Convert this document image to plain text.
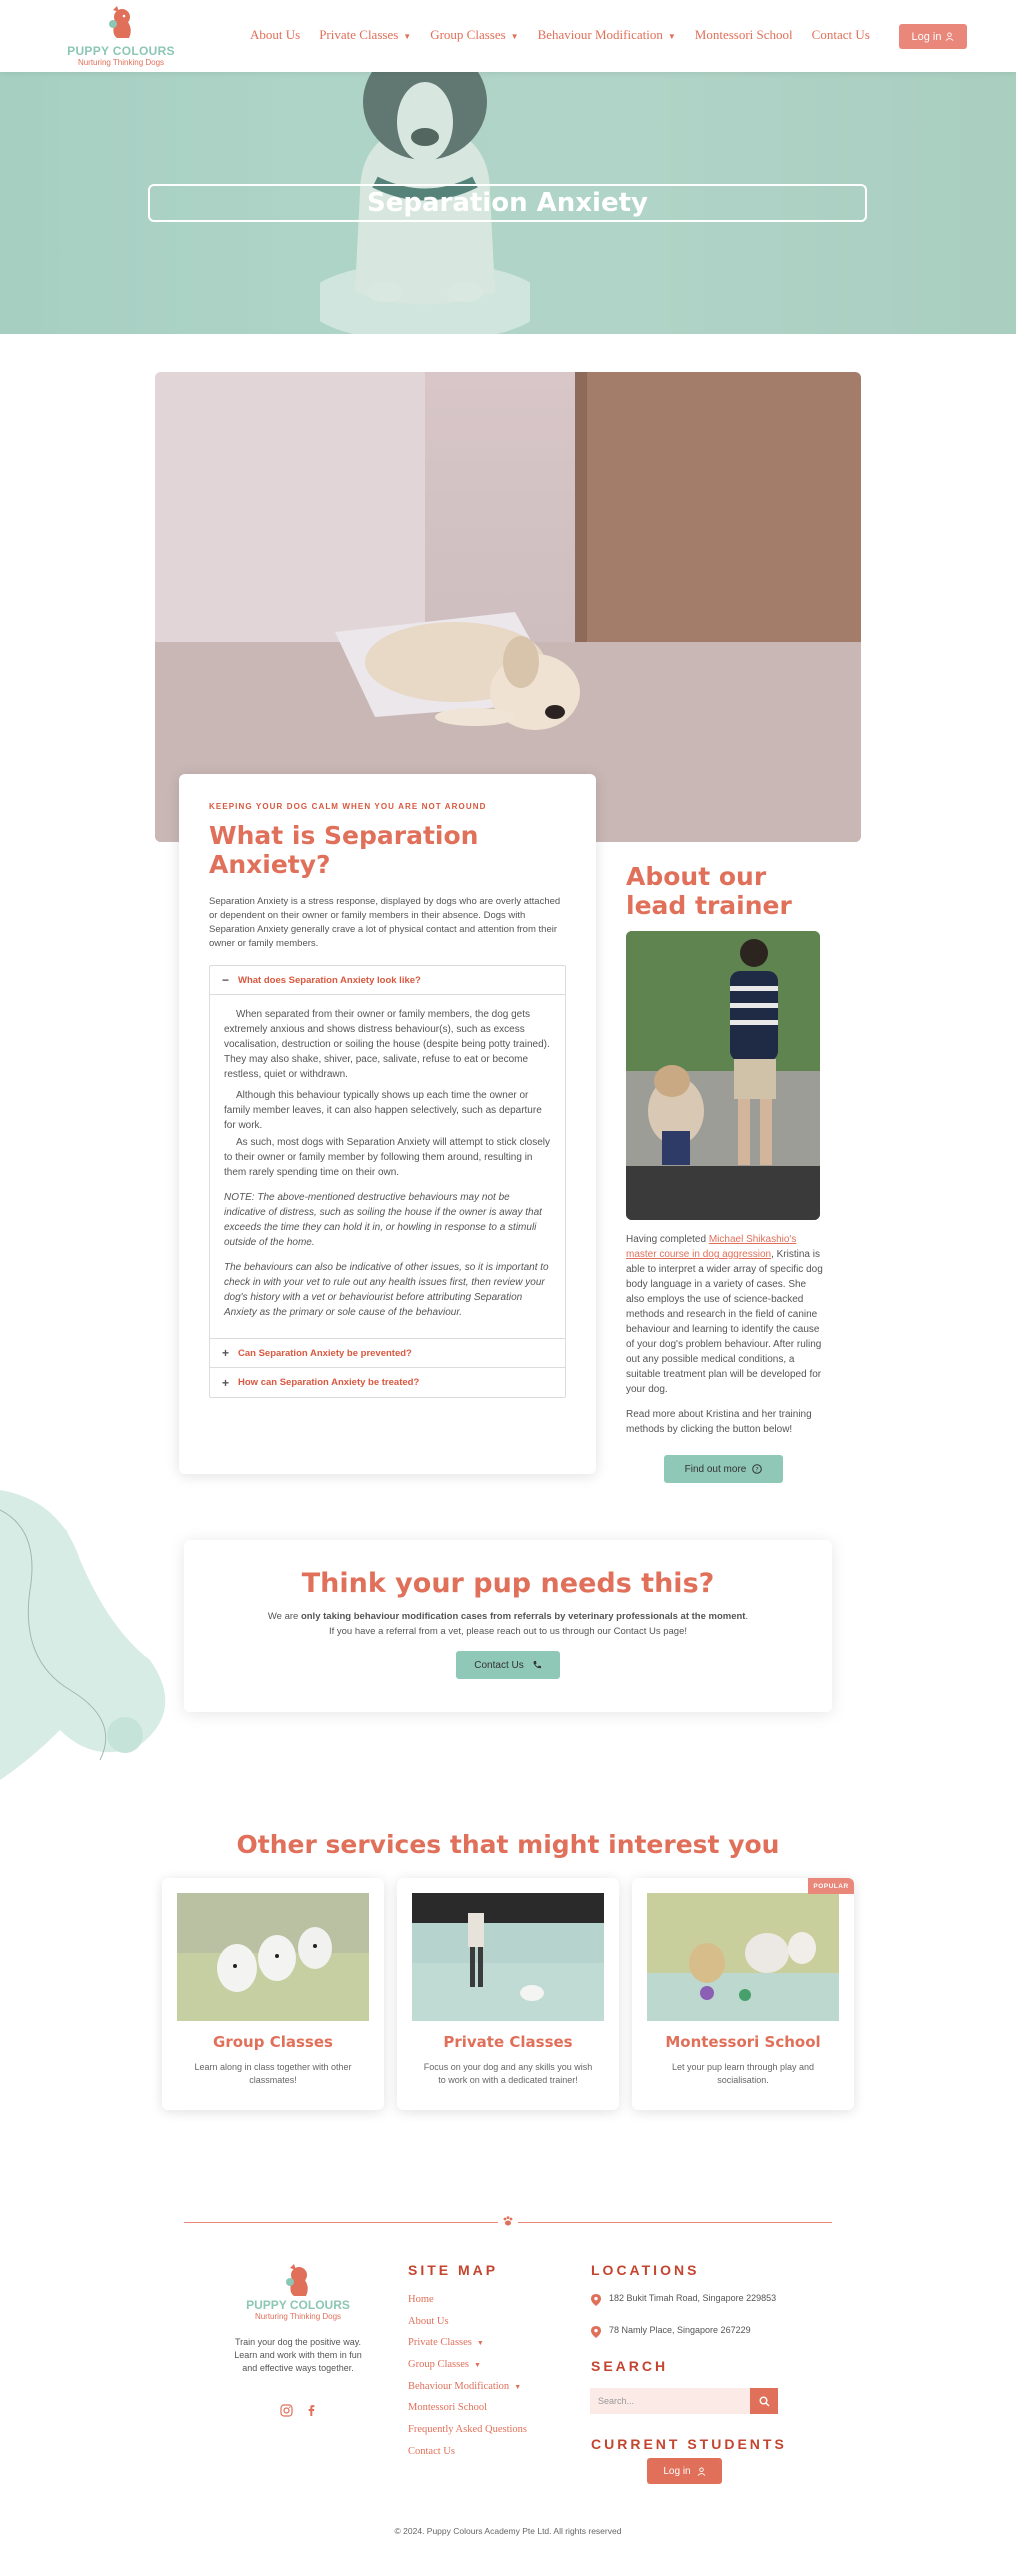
PUPPY COLOURS
Nurturing Thinking Dogs
About Us Private Classes ▼ Group Classes ▼ Behaviour Modification ▼ Montessori School Contact Us	Log in
Separation Anxiety
KEEPING YOUR DOG CALM WHEN YOU ARE NOT AROUND
What is Separation Anxiety?

Separation Anxiety is a stress response, displayed by dogs who are overly attached or dependent on their owner or family members in their absence. Dogs with Separation Anxiety generally crave a lot of physical contact and attention from their owner or family members.

− What does Separation Anxiety look like?

When separated from their owner or family members, the dog gets extremely anxious and shows distress behaviour(s), such as excess vocalisation, destruction or soiling the house (despite being potty trained). They may also shake, shiver, pace, salivate, refuse to eat or become restless, quiet or withdrawn.

Although this behaviour typically shows up each time the owner or family member leaves, it can also happen selectively, such as departure for work.

As such, most dogs with Separation Anxiety will attempt to stick closely to their owner or family member by following them around, resulting in them rarely spending time on their own.

NOTE: The above-mentioned destructive behaviours may not be indicative of distress, such as soiling the house if the owner is away that exceeds the time they can hold it in, or howling in response to a stimuli outside of the home.

The behaviours can also be indicative of other issues, so it is important to check in with your vet to rule out any health issues first, then review your dog's history with a vet or behaviourist before attributing Separation Anxiety as the primary or sole cause of the behaviour.

+ Can Separation Anxiety be prevented?
+ How can Separation Anxiety be treated?
About our lead trainer

Having completed Michael Shikashio's master course in dog aggression, Kristina is able to interpret a wider array of specific dog body language in a variety of cases. She also employs the use of science-backed methods and research in the field of canine behaviour and learning to identify the cause of your dog's problem behaviour. After ruling out any possible medical conditions, a suitable treatment plan will be developed for your dog.

Read more about Kristina and her training methods by clicking the button below!

Find out more ?
Think your pup needs this?

We are only taking behaviour modification cases from referrals by veterinary professionals at the moment.

If you have a referral from a vet, please reach out to us through our Contact Us page!

Contact Us
Other services that might interest you
Group Classes

Learn along in class together with other classmates!

Private Classes

Focus on your dog and any skills you wish to work on with a dedicated trainer!

POPULAR
Montessori School

Let your pup learn through play and socialisation.

PUPPY COLOURS
Nurturing Thinking Dogs
Train your dog the positive way. Learn and work with them in fun and effective ways together.
SITE MAP
Home
About Us
Private Classes ▼
Group Classes ▼
Behaviour Modification ▼
Montessori School
Frequently Asked Questions
Contact Us
LOCATIONS
182 Bukit Timah Road, Singapore 229853
78 Namly Place, Singapore 267229
SEARCH
Search...
CURRENT STUDENTS
Log in
© 2024. Puppy Colours Academy Pte Ltd. All rights reserved
